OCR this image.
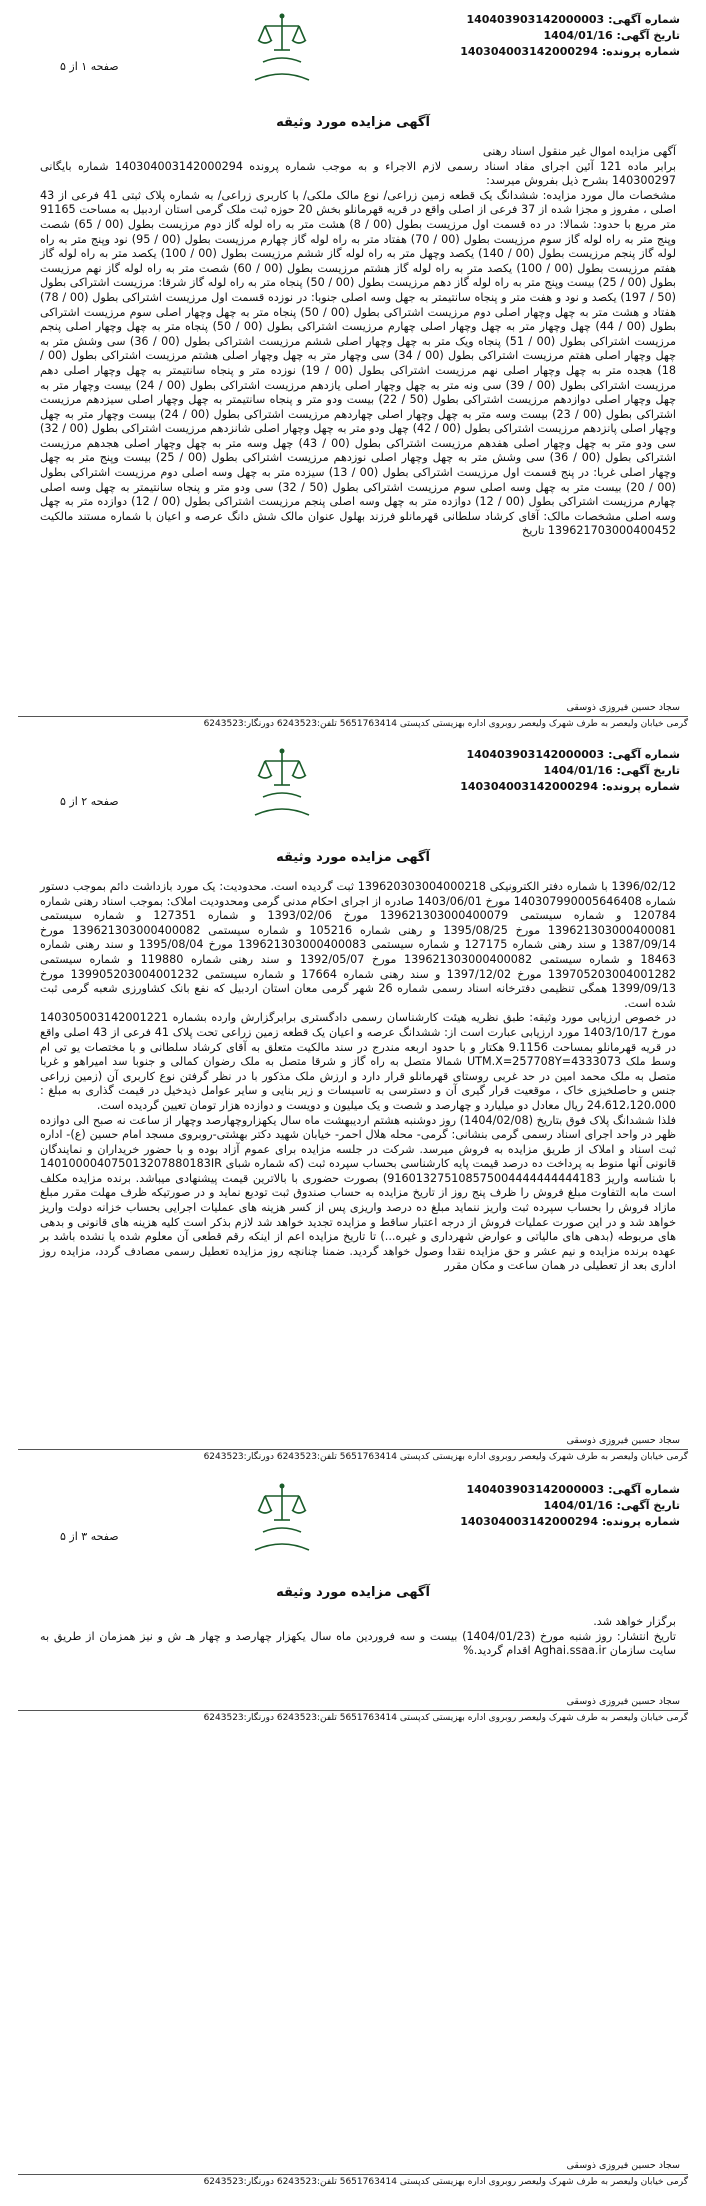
شماره آگهی: 140403903142000003
تاریخ آگهی: 1404/01/16
شماره پرونده: 140304003142000294
صفحه ۱ از ۵
آگهی مزایده مورد وثیقه

آگهی مزایده اموال غیر منقول اسناد رهنی

برابر ماده 121 آئین اجرای مفاد اسناد رسمی لازم الاجراء و به موجب شماره پرونده 140304003142000294 شماره بایگانی 140300297 بشرح ذیل بفروش میرسد:

مشخصات مال مورد مزایده: ششدانگ یک قطعه زمین زراعی/ نوع مالک ملکی/ با کاربری زراعی/ به شماره پلاک ثبتی 41 فرعی از 43 اصلی ، مفروز و مجزا شده از 37 فرعی از اصلی واقع در قریه قهرمانلو بخش 20 حوزه ثبت ملک گرمی استان اردبیل به مساحت 91165 متر مربع با حدود: شمالا: در ده قسمت اول مرزیست بطول (00 / 8) هشت متر به راه لوله گاز دوم مرزیست بطول (00 / 65) شصت وپنج متر به راه لوله گاز سوم مرزیست بطول (00 / 70) هفتاد متر به راه لوله گاز چهارم مرزیست بطول (00 / 95) نود وپنج متر به راه لوله گاز پنجم مرزیست بطول (00 / 140) یکصد وچهل متر به راه لوله گاز ششم مرزیست بطول (00 / 100) یکصد متر به راه لوله گاز هفتم مرزیست بطول (00 / 100) یکصد متر به راه لوله گاز هشتم مرزیست بطول (00 / 60) شصت متر به راه لوله گاز نهم مرزیست بطول (00 / 25) بیست وپنج متر به راه لوله گاز دهم مرزیست بطول (00 / 50) پنجاه متر به راه لوله گاز شرقا: مرزیست اشتراکی بطول (50 / 197) یکصد و نود و هفت متر و پنجاه سانتیمتر به جهل وسه اصلی جنوبا: در نوزده قسمت اول مرزیست اشتراکی بطول (00 / 78) هفتاد و هشت متر به چهل وچهار اصلی دوم مرزیست اشتراکی بطول (00 / 50) پنجاه متر به چهل وچهار اصلی سوم مرزیست اشتراکی بطول (00 / 44) چهل وچهار متر به چهل وچهار اصلی چهارم مرزیست اشتراکی بطول (00 / 50) پنجاه متر به چهل وچهار اصلی پنجم مرزیست اشتراکی بطول (00 / 51) پنجاه ویک متر به چهل وچهار اصلی ششم مرزیست اشتراکی بطول (00 / 36) سی وشش متر به چهل وچهار اصلی هفتم مرزیست اشتراکی بطول (00 / 34) سی وچهار متر به چهل وچهار اصلی هشتم مرزیست اشتراکی بطول (00 / 18) هجده متر به چهل وچهار اصلی نهم مرزیست اشتراکی بطول (00 / 19) نوزده متر و پنجاه سانتیمتر به چهل وچهار اصلی دهم مرزیست اشتراکی بطول (00 / 39) سی ونه متر به چهل وچهار اصلی یازدهم مرزیست اشتراکی بطول (00 / 24) بیست وچهار متر به چهل وچهار اصلی دوازدهم مرزیست اشتراکی بطول (50 / 22) بیست ودو متر و پنجاه سانتیمتر به چهل وچهار اصلی سیزدهم مرزیست اشتراکی بطول (00 / 23) بیست وسه متر به چهل وچهار اصلی چهاردهم مرزیست اشتراکی بطول (00 / 24) بیست وچهار متر به چهل وچهار اصلی پانزدهم مرزیست اشتراکی بطول (00 / 42) چهل ودو متر به چهل وچهار اصلی شانزدهم مرزیست اشتراکی بطول (00 / 32) سی ودو متر به چهل وچهار اصلی هفدهم مرزیست اشتراکی بطول (00 / 43) چهل وسه متر به چهل وچهار اصلی هجدهم مرزیست اشتراکی بطول (00 / 36) سی وشش متر به چهل وچهار اصلی نوزدهم مرزیست اشتراکی بطول (00 / 25) بیست وپنج متر به چهل وچهار اصلی غربا: در پنج قسمت اول مرزیست اشتراکی بطول (00 / 13) سیزده متر به چهل وسه اصلی دوم مرزیست اشتراکی بطول (00 / 20) بیست متر به چهل وسه اصلی سوم مرزیست اشتراکی بطول (50 / 32) سی ودو متر و پنجاه سانتیمتر به چهل وسه اصلی چهارم مرزیست اشتراکی بطول (00 / 12) دوازده متر به چهل وسه اصلی پنجم مرزیست اشتراکی بطول (00 / 12) دوازده متر به چهل وسه اصلی مشخصات مالک: آقای کرشاد سلطانی قهرمانلو فرزند بهلول عنوان مالک شش دانگ عرصه و اعیان با شماره مستند مالکیت 139621703000400452 تاریخ

سجاد حسین فیروزی ذوسقی
گرمی خیابان ولیعصر به طرف شهرک ولیعصر روبروی اداره بهزیستی کدپستی 5651763414 تلفن:6243523 دورنگار:6243523
شماره آگهی: 140403903142000003
تاریخ آگهی: 1404/01/16
شماره پرونده: 140304003142000294
صفحه ۲ از ۵
آگهی مزایده مورد وثیقه

1396/02/12 با شماره دفتر الکترونیکی 139620303004000218 ثبت گردیده است. محدودیت: یک مورد بازداشت دائم بموجب دستور شماره 140307990005646408 مورخ 1403/06/01 صادره از اجرای احکام مدنی گرمی ومحدودیت املاک: بموجب اسناد رهنی شماره 120784 و شماره سیستمی 139621303000400079 مورخ 1393/02/06 و شماره 127351 و شماره سیستمی 139621303000400081 مورخ 1395/08/25 و رهنی شماره 105216 و شماره سیستمی 139621303000400082 مورخ 1387/09/14 و سند رهنی شماره 127175 و شماره سیستمی 139621303000400083 مورخ 1395/08/04 و سند رهنی شماره 18463 و شماره سیستمی 139621303000400082 مورخ 1392/05/07 و سند رهنی شماره 119880 و شماره سیستمی 139705203004001282 مورخ 1397/12/02 و سند رهنی شماره 17664 و شماره سیستمی 139905203004001232 مورخ 1399/09/13 همگی تنظیمی دفترخانه اسناد رسمی شماره 26 شهر گرمی معان استان اردبیل که نفع بانک کشاورزی شعبه گرمی ثبت شده است.

در خصوص ارزیابی مورد وثیقه: طبق نظریه هیئت کارشناسان رسمی دادگستری برابرگزارش وارده بشماره 140305003142001221 مورخ 1403/10/17 مورد ارزیابی عبارت است از: ششدانگ عرصه و اعیان یک قطعه زمین زراعی تحت پلاک 41 فرعی از 43 اصلی واقع در قریه قهرمانلو بمساحت 9.1156 هکتار و با حدود اربعه مندرج در سند مالکیت متعلق به آقای کرشاد سلطانی و با مختصات یو تی ام وسط ملک UTM.X=257708Y=4333073 شمالا متصل به راه گاز و شرقا متصل به ملک رضوان کمالی و جنوبا سد امیراهو و غربا متصل به ملک محمد امین در حد غربی روستای قهرمانلو قرار دارد و ارزش ملک مذکور با در نظر گرفتن نوع کاربری آن (زمین زراعی جنس و حاصلخیزی خاک ، موقعیت قرار گیری آن و دسترسی به تاسیسات و زیر بنایی و سایر عوامل ذیدخیل در قیمت گذاری به مبلغ : 24،612،120،000 ریال معادل دو میلیارد و چهارصد و شصت و یک میلیون و دویست و دوازده هزار تومان تعیین گردیده است.

فلذا ششدانگ پلاک فوق بتاریخ (1404/02/08) روز دوشنبه هشتم اردیبهشت ماه سال یکهزاروچهارصد وچهار از ساعت نه صبح الی دوازده ظهر در واحد اجرای اسناد رسمی گرمی بنشانی: گرمی- محله هلال احمر- خیابان شهید دکتر بهشتی-روبروی مسجد امام حسین (ع)- اداره ثبت اسناد و املاک از طریق مزایده به فروش میرسد. شرکت در جلسه مزایده برای عموم آزاد بوده و با حضور خریداران و نمایندگان قانونی آنها منوط به پرداخت ده درصد قیمت پایه کارشناسی بحساب سپرده ثبت (که شماره شبای 140100004075013207880183IR با شناسه واریز 916013275108575004444444444183) بصورت حضوری با بالاترین قیمت پیشنهادی میباشد. برنده مزایده مکلف است مابه التفاوت مبلغ فروش را ظرف پنج روز از تاریخ مزایده به حساب صندوق ثبت تودیع نماید و در صورتیکه ظرف مهلت مقرر مبلغ مازاد فروش را بحساب سپرده ثبت واریز ننماید مبلغ ده درصد واریزی پس از کسر هزینه های عملیات اجرایی بحساب خزانه دولت واریز خواهد شد و در این صورت عملیات فروش از درجه اعتبار ساقط و مزایده تجدید خواهد شد لازم بذکر است کلیه هزینه های قانونی و بدهی های مربوطه (بدهی های مالیاتی و عوارض شهرداری و غیره...) تا تاریخ مزایده اعم از اینکه رقم قطعی آن معلوم شده یا نشده باشد بر عهده برنده مزایده و نیم عشر و حق مزایده نقدا وصول خواهد گردید. ضمنا چنانچه روز مزایده تعطیل رسمی مصادف گردد، مزایده روز اداری بعد از تعطیلی در همان ساعت و مکان مقرر

سجاد حسین فیروزی ذوسقی
گرمی خیابان ولیعصر به طرف شهرک ولیعصر روبروی اداره بهزیستی کدپستی 5651763414 تلفن:6243523 دورنگار:6243523
شماره آگهی: 140403903142000003
تاریخ آگهی: 1404/01/16
شماره پرونده: 140304003142000294
صفحه ۳ از ۵
آگهی مزایده مورد وثیقه

برگزار خواهد شد.

تاریخ انتشار: روز شنبه مورخ (1404/01/23) بیست و سه فروردین ماه سال یکهزار چهارصد و چهار هـ ش و نیز همزمان از طریق به سایت سازمان Aghai.ssaa.ir اقدام گردید.%

سجاد حسین فیروزی ذوسقی
گرمی خیابان ولیعصر به طرف شهرک ولیعصر روبروی اداره بهزیستی کدپستی 5651763414 تلفن:6243523 دورنگار:6243523
سجاد حسین فیروزی ذوسقی
گرمی خیابان ولیعصر به طرف شهرک ولیعصر روبروی اداره بهزیستی کدپستی 5651763414 تلفن:6243523 دورنگار:6243523
